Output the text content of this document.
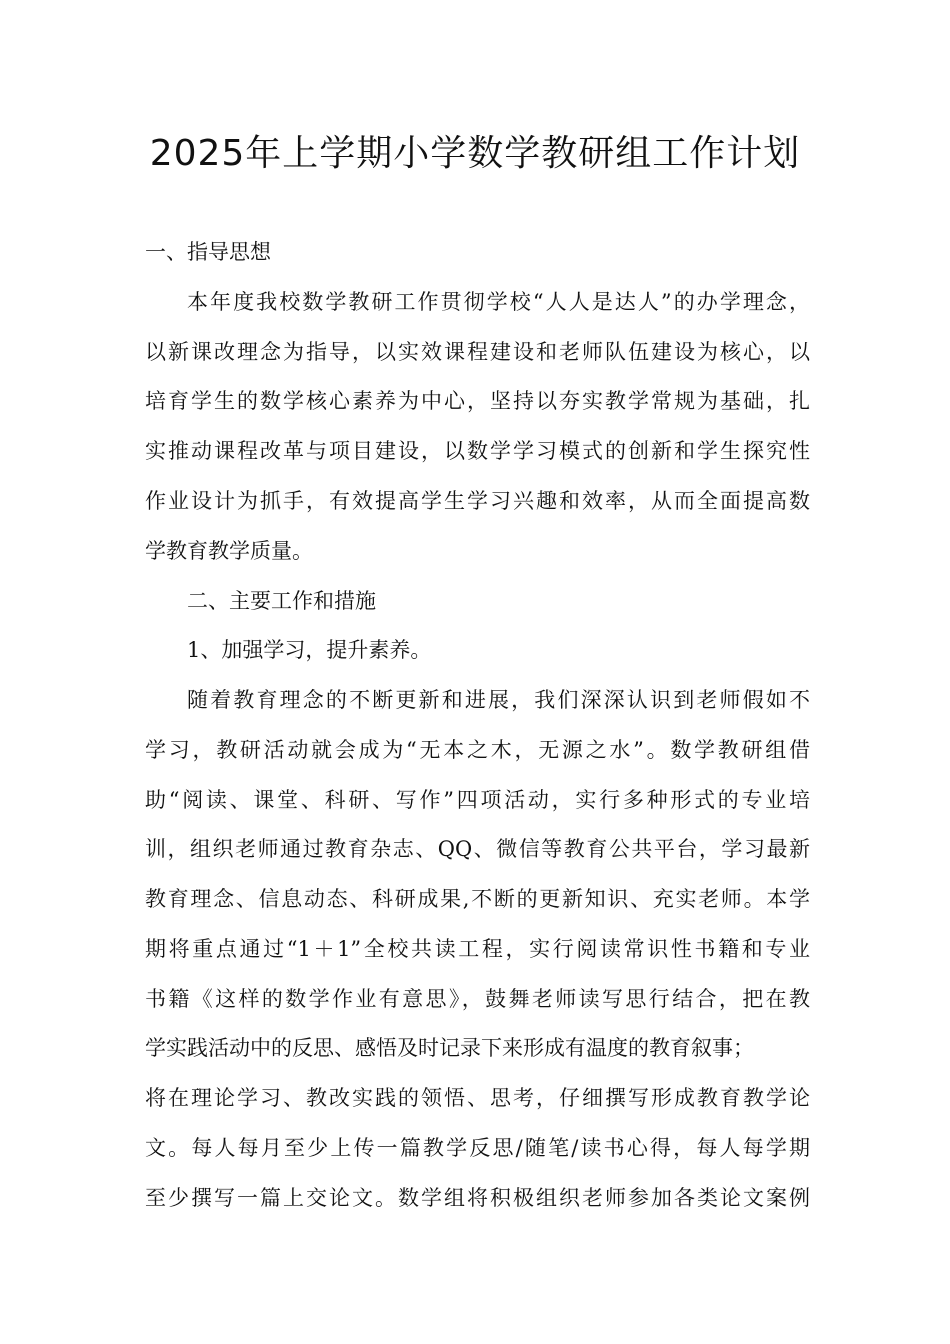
2025年上学期小学数学教研组工作计划

一、指导思想

本年度我校数学教研工作贯彻学校“人人是达人”的办学理念，

以新课改理念为指导，以实效课程建设和老师队伍建设为核心，以

培育学生的数学核心素养为中心，坚持以夯实教学常规为基础，扎

实推动课程改革与项目建设，以数学学习模式的创新和学生探究性

作业设计为抓手，有效提高学生学习兴趣和效率，从而全面提高数

学教育教学质量。

二、主要工作和措施

1、加强学习，提升素养。

随着教育理念的不断更新和进展，我们深深认识到老师假如不

学习，教研活动就会成为“无本之木，无源之水”。数学教研组借

助“阅读、课堂、科研、写作”四项活动，实行多种形式的专业培

训，组织老师通过教育杂志、QQ、微信等教育公共平台，学习最新

教育理念、信息动态、科研成果,不断的更新知识、充实老师。本学

期将重点通过“1＋1”全校共读工程，实行阅读常识性书籍和专业

书籍《这样的数学作业有意思》，鼓舞老师读写思行结合，把在教

学实践活动中的反思、感悟及时记录下来形成有温度的教育叙事；

将在理论学习、教改实践的领悟、思考，仔细撰写形成教育教学论

文。每人每月至少上传一篇教学反思/随笔/读书心得，每人每学期

至少撰写一篇上交论文。数学组将积极组织老师参加各类论文案例
